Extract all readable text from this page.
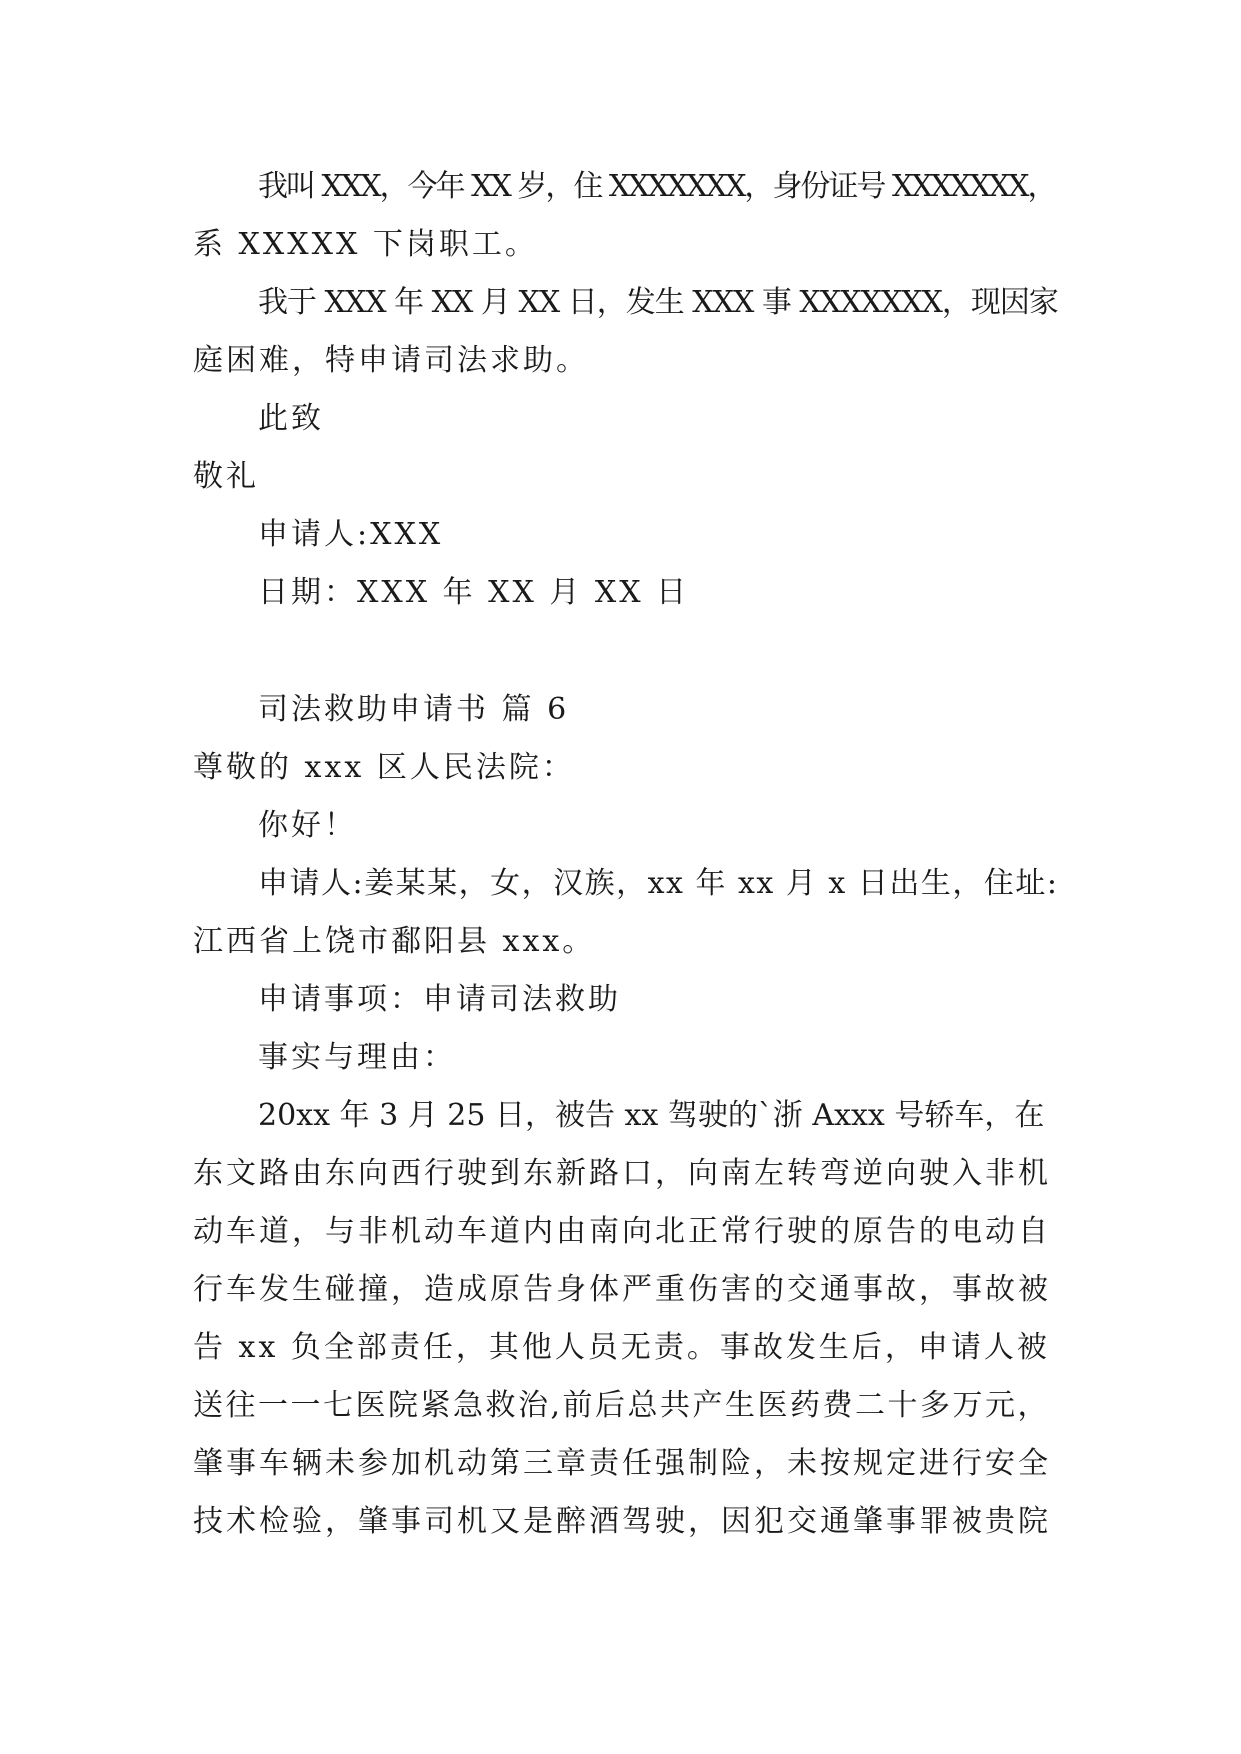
我叫 XXX，今年 XX 岁，住 XXXXXXX，身份证号 XXXXXXX，
系 XXXXX 下岗职工。
我于 XXX 年 XX 月 XX 日，发生 XXX 事 XXXXXXX，现因家
庭困难，特申请司法求助。
此致
敬礼
申请人:XXX
日期：XXX 年 XX 月 XX 日
司法救助申请书 篇 6
尊敬的 xxx 区人民法院：
你好！
申请人:姜某某，女，汉族，xx 年 xx 月 x 日出生，住址:
江西省上饶市鄱阳县 xxx。
申请事项：申请司法救助
事实与理由：
20xx 年 3 月 25 日，被告 xx 驾驶的`浙 Axxx 号轿车，在
东文路由东向西行驶到东新路口，向南左转弯逆向驶入非机
动车道，与非机动车道内由南向北正常行驶的原告的电动自
行车发生碰撞，造成原告身体严重伤害的交通事故，事故被
告 xx 负全部责任，其他人员无责。事故发生后，申请人被
送往一一七医院紧急救治,前后总共产生医药费二十多万元，
肇事车辆未参加机动第三章责任强制险，未按规定进行安全
技术检验，肇事司机又是醉酒驾驶，因犯交通肇事罪被贵院
